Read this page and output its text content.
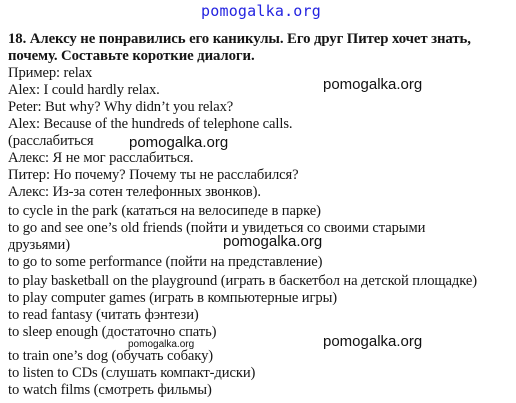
pomogalka.org
18. Алексу не понравились его каникулы. Его друг Питер хочет знать,
почему. Составьте короткие диалоги.
Пример: relax
Alex: I could hardly relax.
Peter: But why? Why didn’t you relax?
Alex: Because of the hundreds of telephone calls.
(расслабиться
Алекс: Я не мог расслабиться.
Питер: Но почему? Почему ты не расслабился?
Алекс: Из-за сотен телефонных звонков).
to cycle in the park (кататься на велосипеде в парке)
to go and see one’s old friends (пойти и увидеться со своими старыми
друзьями)
to go to some performance (пойти на представление)
to play basketball on the playground (играть в баскетбол на детской площадке)
to play computer games (играть в компьютерные игры)
to read fantasy (читать фэнтези)
to sleep enough (достаточно спать)
to train one’s dog (обучать собаку)
to listen to CDs (слушать компакт-диски)
to watch films (смотреть фильмы)
pomogalka.org
pomogalka.org
pomogalka.org
pomogalka.org
pomogalka.org
